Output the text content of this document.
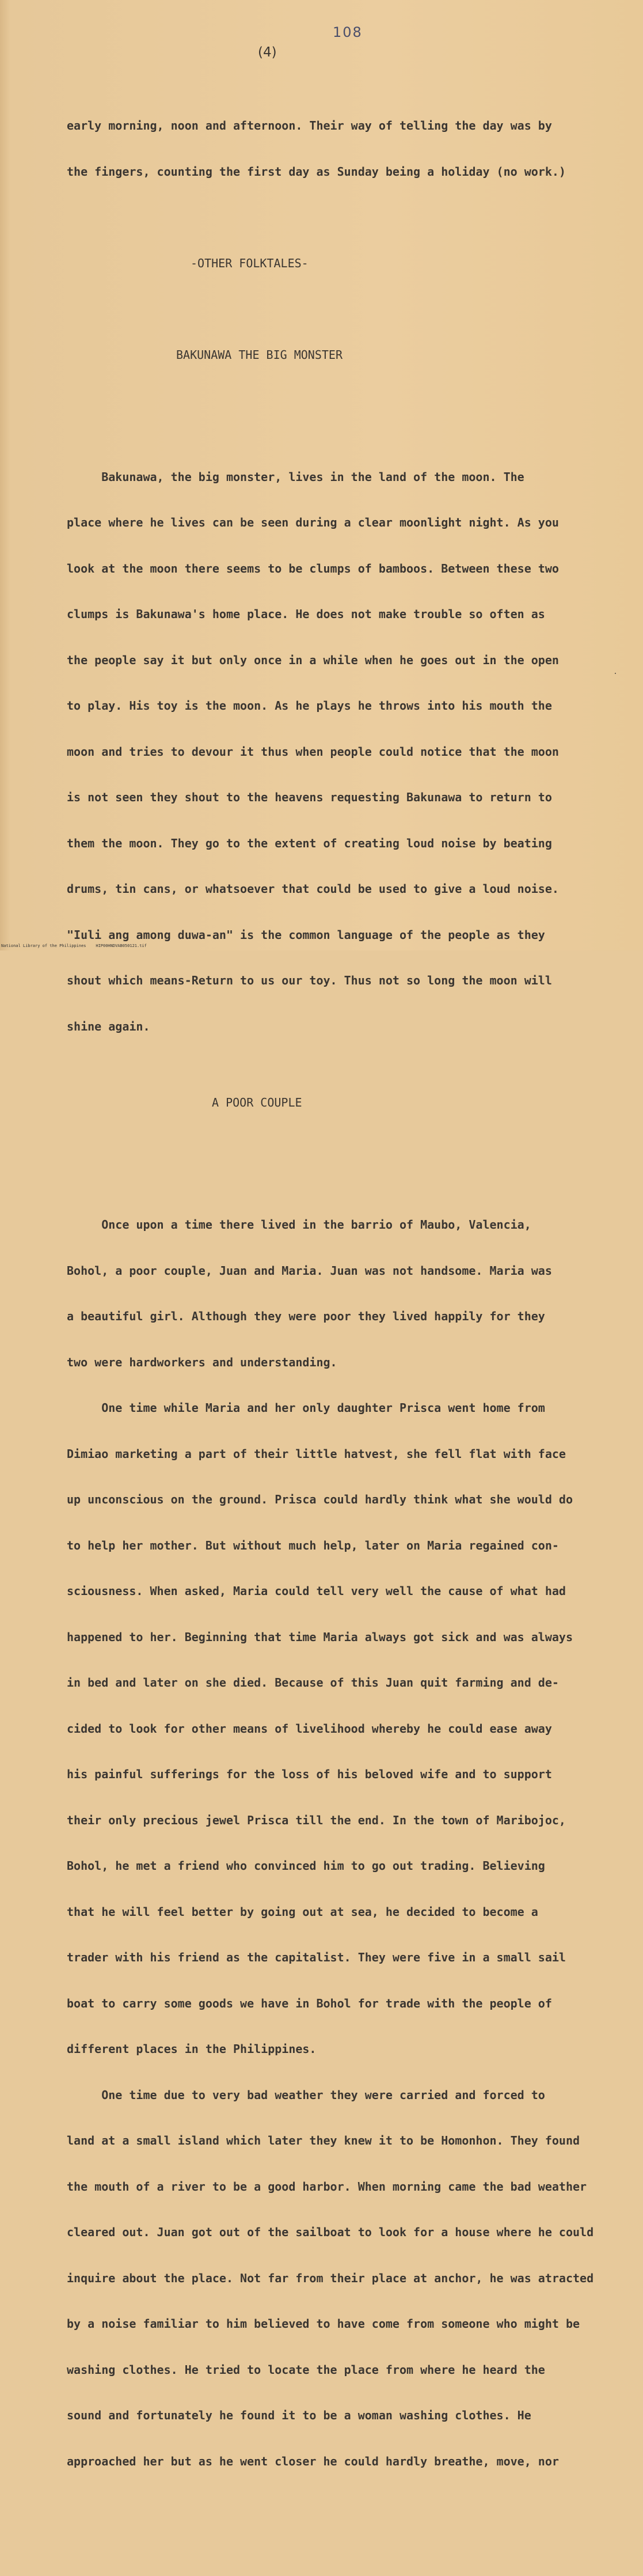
108
(4)

early morning, noon and afternoon. Their way of telling the day was by

the fingers, counting the first day as Sunday being a holiday (no work.)

-OTHER FOLKTALES-

BAKUNAWA THE BIG MONSTER

Bakunawa, the big monster, lives in the land of the moon. The

place where he lives can be seen during a clear moonlight night. As you

look at the moon there seems to be clumps of bamboos. Between these two

clumps is Bakunawa's home place. He does not make trouble so often as

the people say it but only once in a while when he goes out in the open

to play. His toy is the moon. As he plays he throws into his mouth the

moon and tries to devour it thus when people could notice that the moon

is not seen they shout to the heavens requesting Bakunawa to return to

them the moon. They go to the extent of creating loud noise by beating

drums, tin cans, or whatsoever that could be used to give a loud noise.

"Iuli ang among duwa-an" is the common language of the people as they

shout which means-Return to us our toy. Thus not so long the moon will

shine again.

A POOR COUPLE

Once upon a time there lived in the barrio of Maubo, Valencia,

Bohol, a poor couple, Juan and Maria. Juan was not handsome. Maria was

a beautiful girl. Although they were poor they lived happily for they

two were hardworkers and understanding.

One time while Maria and her only daughter Prisca went home from

Dimiao marketing a part of their little hatvest, she fell flat with face

up unconscious on the ground. Prisca could hardly think what she would do

to help her mother. But without much help, later on Maria regained con-

sciousness. When asked, Maria could tell very well the cause of what had

happened to her. Beginning that time Maria always got sick and was always

in bed and later on she died. Because of this Juan quit farming and de-

cided to look for other means of livelihood whereby he could ease away

his painful sufferings for the loss of his beloved wife and to support

their only precious jewel Prisca till the end. In the town of Maribojoc,

Bohol, he met a friend who convinced him to go out trading. Believing

that he will feel better by going out at sea, he decided to become a

trader with his friend as the capitalist. They were five in a small sail

boat to carry some goods we have in Bohol for trade with the people of

different places in the Philippines.

One time due to very bad weather they were carried and forced to

land at a small island which later they knew it to be Homonhon. They found

the mouth of a river to be a good harbor. When morning came the bad weather

cleared out. Juan got out of the sailboat to look for a house where he could

inquire about the place. Not far from their place at anchor, he was atracted

by a noise familiar to him believed to have come from someone who might be

washing clothes. He tried to locate the place from where he heard the

sound and fortunately he found it to be a woman washing clothes. He

approached her but as he went closer he could hardly breathe, move, nor

National Library of the Philippines    HIP00HNDVAB050121.tif
